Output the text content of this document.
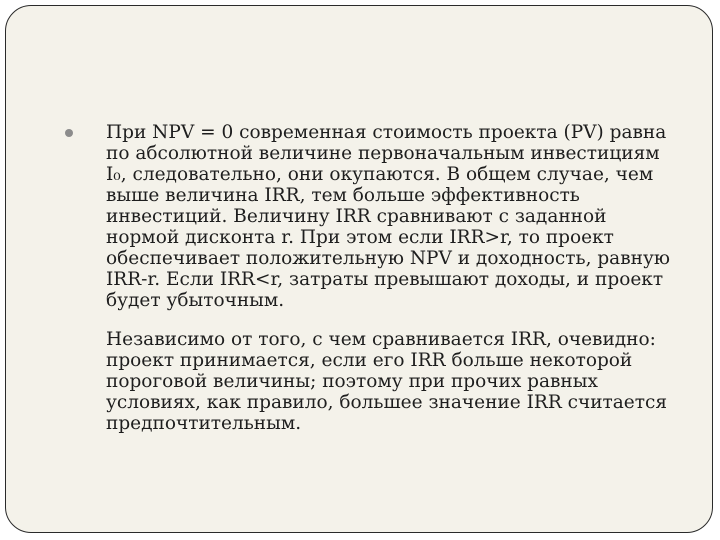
При NPV = 0 современная стоимость проекта (PV) равна
по абсолютной величине первоначальным инвестициям
I₀, следовательно, они окупаются. В общем случае, чем
выше величина IRR, тем больше эффективность
инвестиций. Величину IRR сравнивают с заданной
нормой дисконта r. При этом если IRR>r, то проект
обеспечивает положительную NPV и доходность, равную
IRR-r. Если IRR<r, затраты превышают доходы, и проект
будет убыточным.

Независимо от того, с чем сравнивается IRR, очевидно:
проект принимается, если его IRR больше некоторой
пороговой величины; поэтому при прочих равных
условиях, как правило, большее значение IRR считается
предпочтительным.
